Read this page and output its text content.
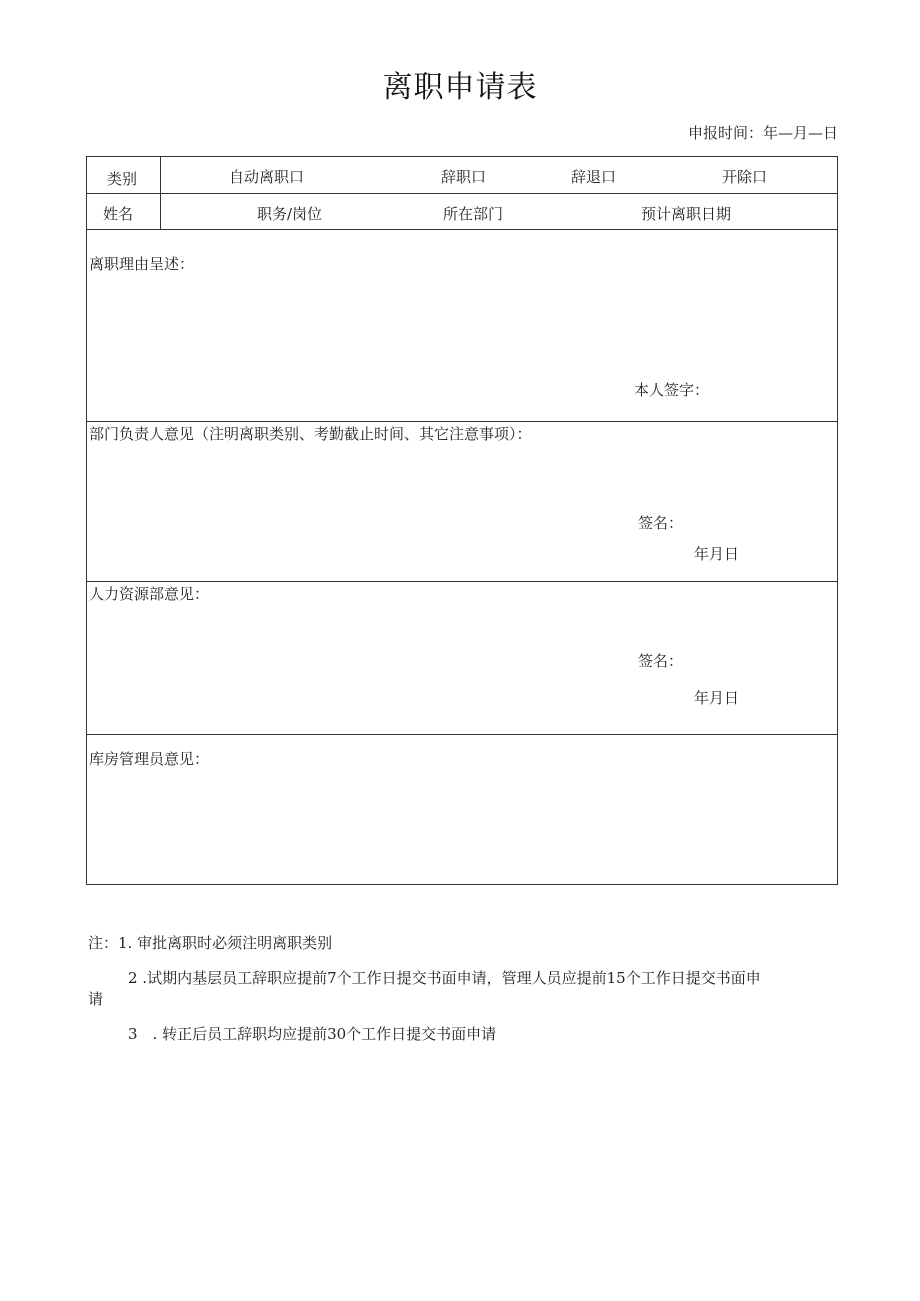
离职申请表
申报时间：年—月—日
类别	自动离职口	辞职口	辞退口	开除口
姓名	职务/岗位	所在部门	预计离职日期
离职理由呈述：
本人签字：
部门负责人意见（注明离职类别、考勤截止时间、其它注意事项）：
签名：
年月日
人力资源部意见：
签名：
年月日
库房管理员意见：
注：1. 审批离职时必须注明离职类别
2 .试期内基层员工辞职应提前7个工作日提交书面申请，管理人员应提前15个工作日提交书面申
请
3　. 转正后员工辞职均应提前30个工作日提交书面申请
